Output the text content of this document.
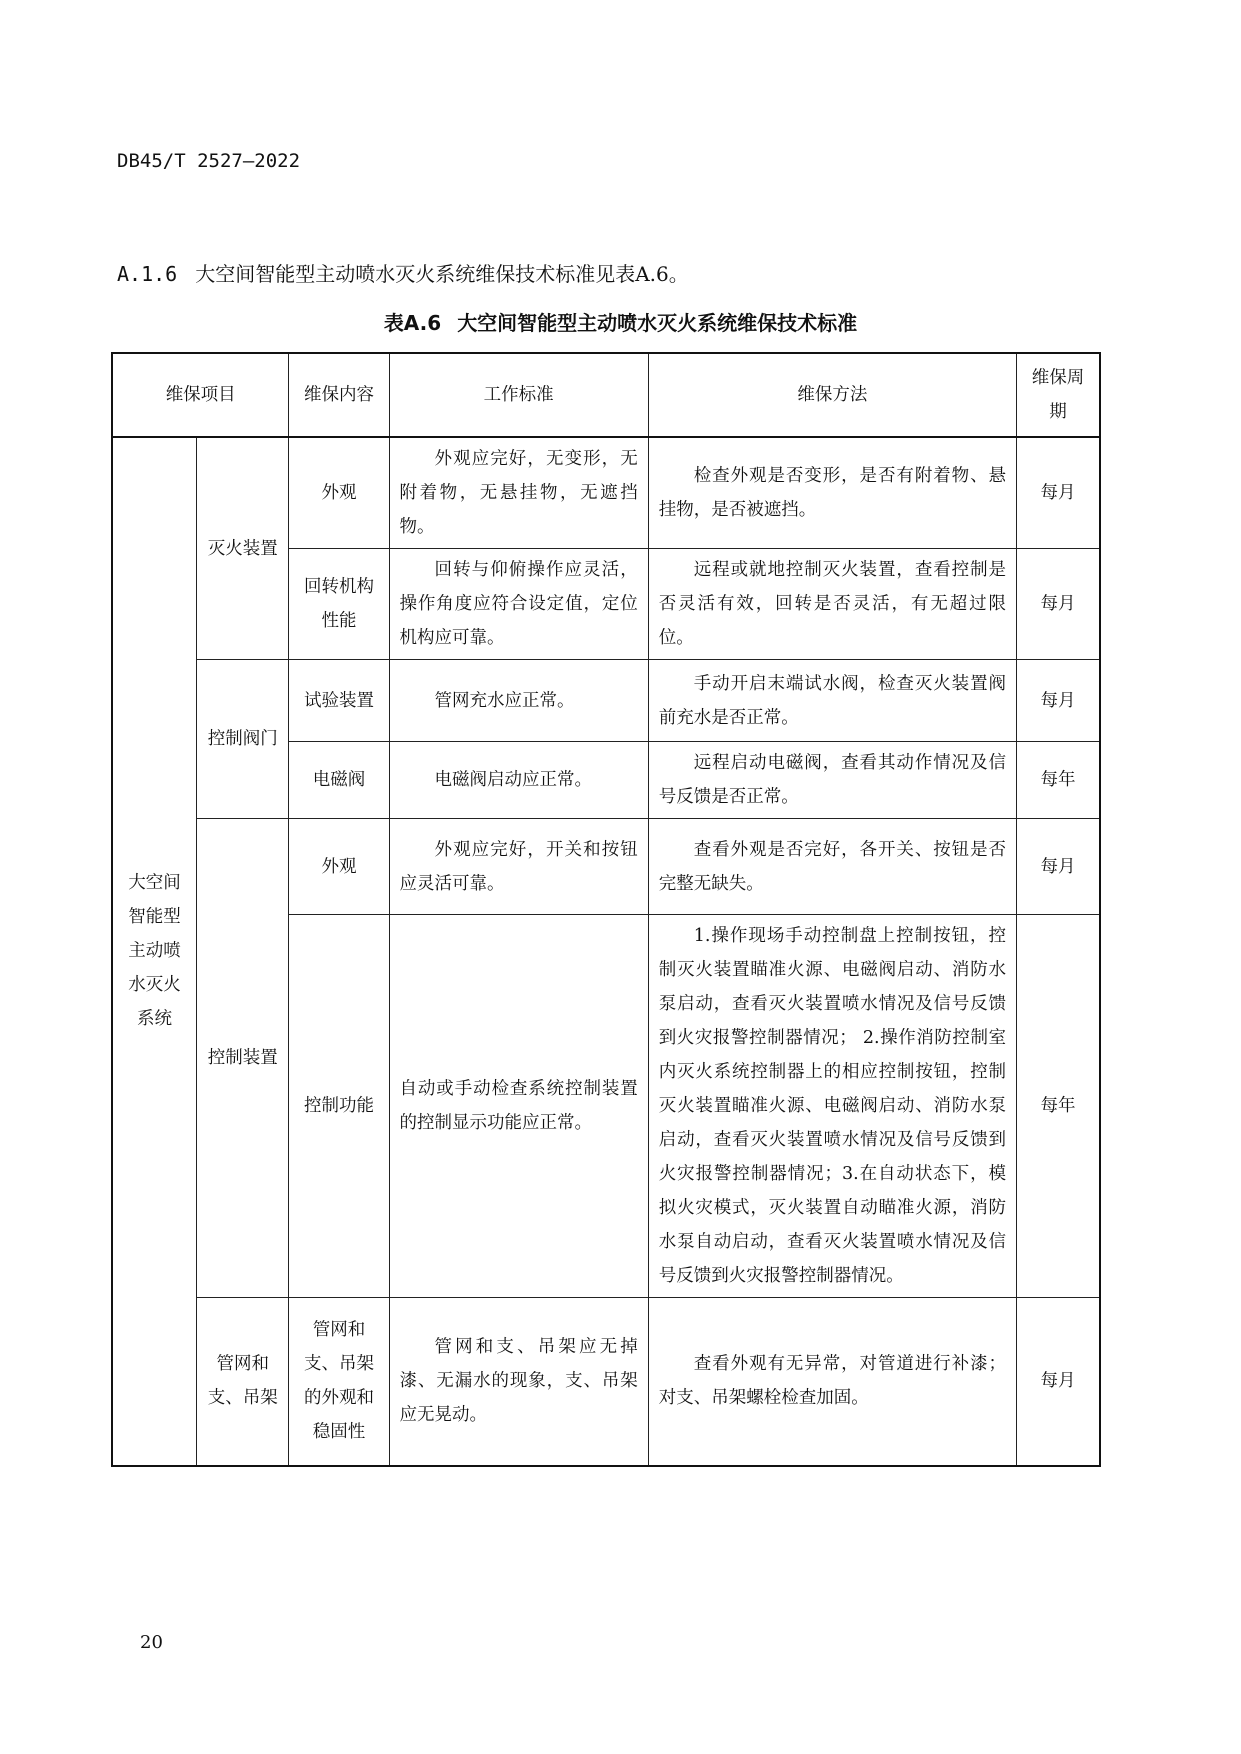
DB45/T 2527—2022
A.1.6 大空间智能型主动喷水灭火系统维保技术标准见表A.6。
表A.6 大空间智能型主动喷水灭火系统维保技术标准
维保项目		维保内容	工作标准	维保方法	维保周期
大空间智能型主动喷水灭火系统	灭火装置	外观	外观应完好，无变形，无附着物，无悬挂物，无遮挡物。	检查外观是否变形，是否有附着物、悬挂物，是否被遮挡。	每月
		回转机构性能	回转与仰俯操作应灵活，操作角度应符合设定值，定位机构应可靠。	远程或就地控制灭火装置，查看控制是否灵活有效，回转是否灵活，有无超过限位。	每月
	控制阀门	试验装置	管网充水应正常。	手动开启末端试水阀，检查灭火装置阀前充水是否正常。	每月
		电磁阀	电磁阀启动应正常。	远程启动电磁阀，查看其动作情况及信号反馈是否正常。	每年
	控制装置	外观	外观应完好，开关和按钮应灵活可靠。	查看外观是否完好，各开关、按钮是否完整无缺失。	每月
		控制功能	自动或手动检查系统控制装置的控制显示功能应正常。	1.操作现场手动控制盘上控制按钮，控制灭火装置瞄准火源、电磁阀启动、消防水泵启动，查看灭火装置喷水情况及信号反馈到火灾报警控制器情况； 2.操作消防控制室内灭火系统控制器上的相应控制按钮，控制灭火装置瞄准火源、电磁阀启动、消防水泵启动，查看灭火装置喷水情况及信号反馈到火灾报警控制器情况；3.在自动状态下，模拟火灾模式，灭火装置自动瞄准火源，消防水泵自动启动，查看灭火装置喷水情况及信号反馈到火灾报警控制器情况。	每年
	管网和支、吊架	管网和支、吊架的外观和稳固性	管网和支、吊架应无掉漆、无漏水的现象，支、吊架应无晃动。	查看外观有无异常，对管道进行补漆；对支、吊架螺栓检查加固。	每月
20
